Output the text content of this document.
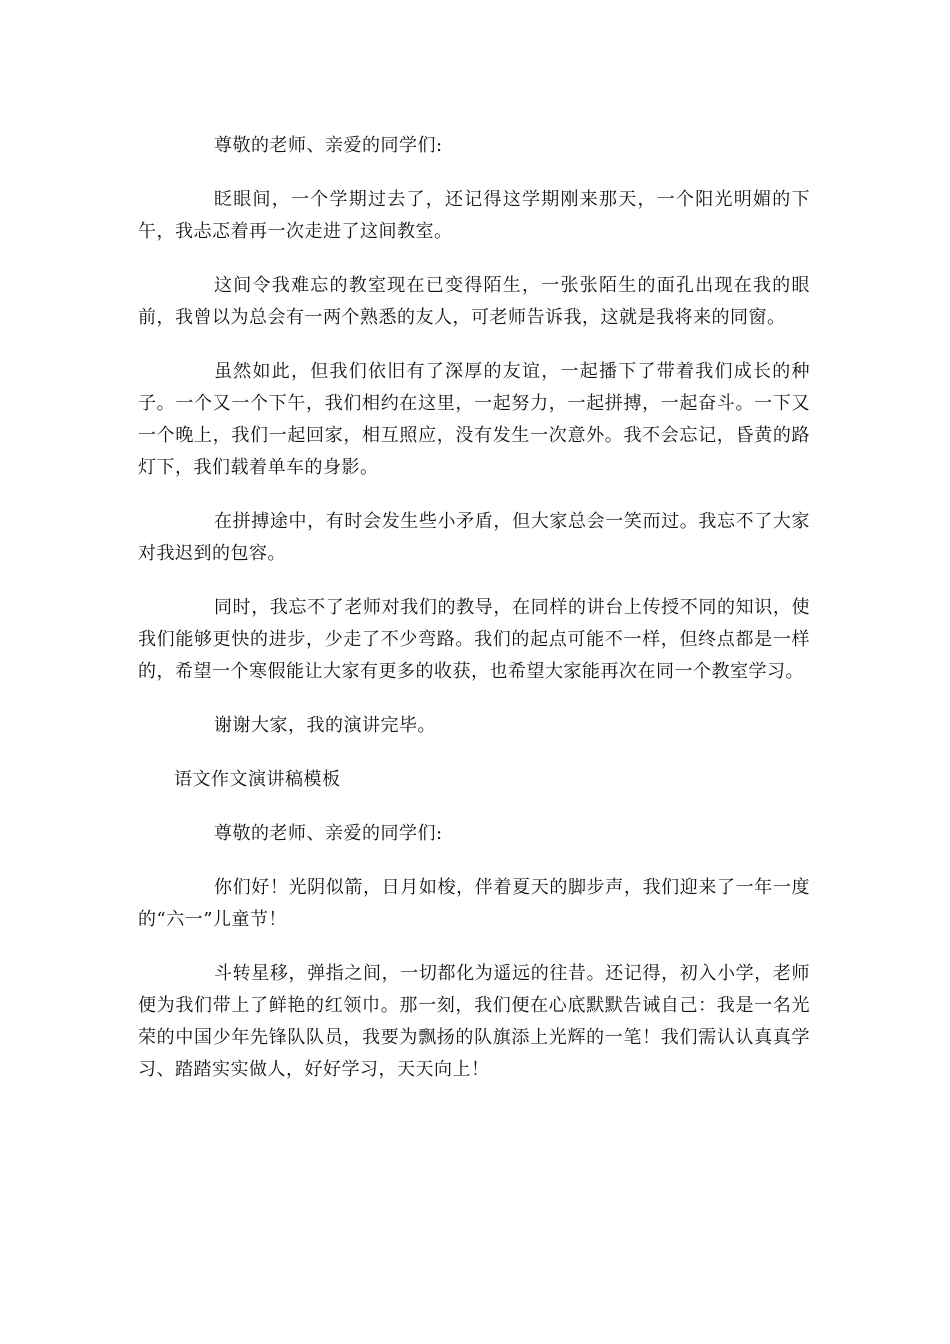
尊敬的老师、亲爱的同学们:

眨眼间，一个学期过去了，还记得这学期刚来那天，一个阳光明媚的下午，我忐忑着再一次走进了这间教室。

这间令我难忘的教室现在已变得陌生，一张张陌生的面孔出现在我的眼前，我曾以为总会有一两个熟悉的友人，可老师告诉我，这就是我将来的同窗。

虽然如此，但我们依旧有了深厚的友谊，一起播下了带着我们成长的种子。一个又一个下午，我们相约在这里，一起努力，一起拼搏，一起奋斗。一下又一个晚上，我们一起回家，相互照应，没有发生一次意外。我不会忘记，昏黄的路灯下，我们载着单车的身影。

在拼搏途中，有时会发生些小矛盾，但大家总会一笑而过。我忘不了大家对我迟到的包容。

同时，我忘不了老师对我们的教导，在同样的讲台上传授不同的知识，使我们能够更快的进步，少走了不少弯路。我们的起点可能不一样，但终点都是一样的，希望一个寒假能让大家有更多的收获，也希望大家能再次在同一个教室学习。

谢谢大家，我的演讲完毕。

语文作文演讲稿模板

尊敬的老师、亲爱的同学们:

你们好！光阴似箭，日月如梭，伴着夏天的脚步声，我们迎来了一年一度的“六一”儿童节！

斗转星移，弹指之间，一切都化为遥远的往昔。还记得，初入小学，老师便为我们带上了鲜艳的红领巾。那一刻，我们便在心底默默告诫自己：我是一名光荣的中国少年先锋队队员，我要为飘扬的队旗添上光辉的一笔！我们需认认真真学习、踏踏实实做人，好好学习，天天向上！
